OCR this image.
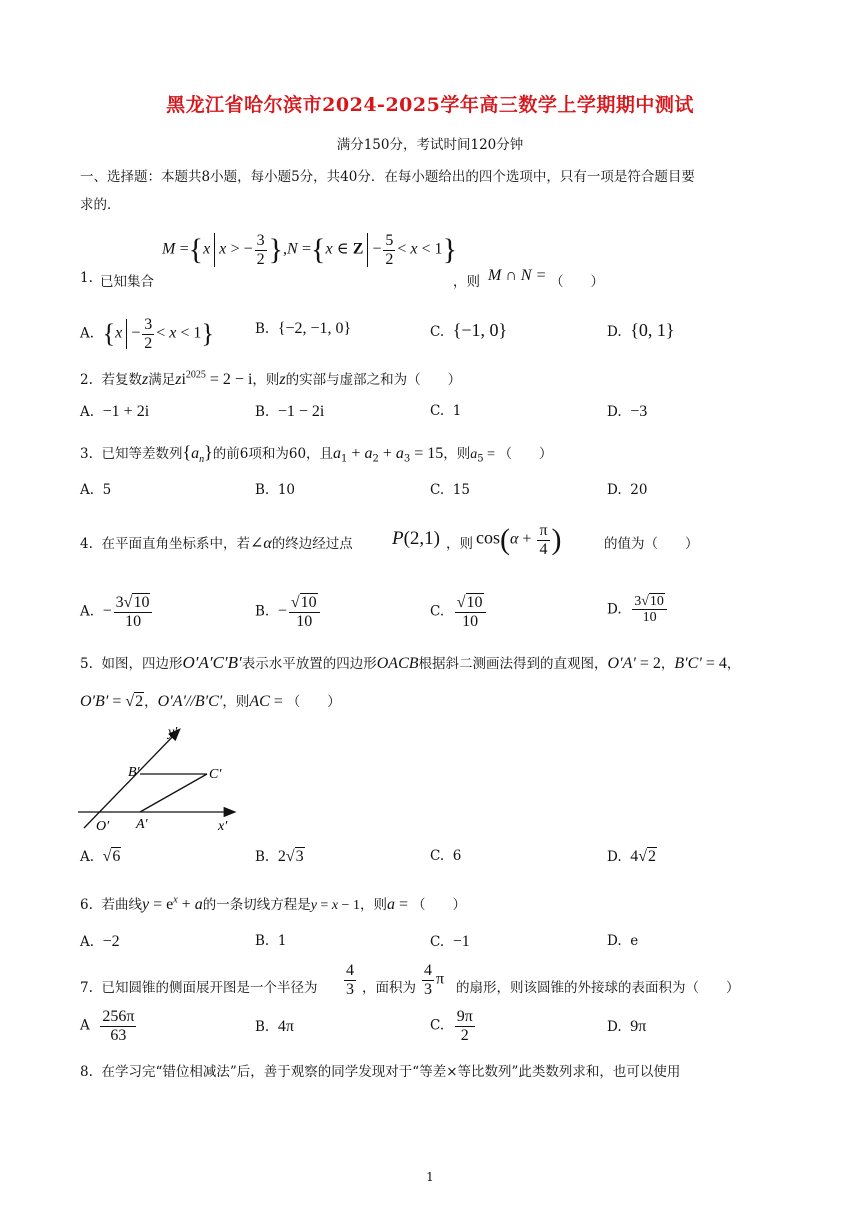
黑龙江省哈尔滨市2024-2025学年高三数学上学期期中测试
满分150分，考试时间120分钟
一、选择题：本题共8小题，每小题5分，共40分．在每小题给出的四个选项中，只有一项是符合题目要
求的．
1. 已知集合
M ={x x > − $\frac{3}{2} \},N =\{x$ ∈ $Z - \frac{5}{2} < x < 1$}
，则 M ∩ N = （　　）
A. $\{x - \frac{3}{2} < x < 1\}$	B. {−2, −1, 0}	C. {−1, 0}	D. {0, 1}
2. 若复数z满足$zi^{2025} = 2 - i$，则z的实部与虚部之和为（　　）
A. −1 + 2i	B. −1 − 2i	C. 1	D. −3
3. 已知等差数列$\{a_n\}$的前6项和为60，且$a_1 + a_2 + a_3 = 15$，则$a_5$ = （　　）
A. 5	B. 10	C. 15	D. 20
4. 在平面直角坐标系中，若∠α的终边经过点 P(2,1) ，则 $\cos(\alpha + \frac{\pi}{4}$ )	的值为（　　）
A. − $\frac{3√10}{10}$	B. − $\frac{√10}{10}$	C. $\frac{√10}{10}$	D. $\frac{3√10}{10}$
5. 如图，四边形O′A′C′B′表示水平放置的四边形OACB根据斜二测画法得到的直观图，O′A′ = 2，B′C′ = 4，
O′B′ = √2，O′A′//B′C′，则AC = （　　）
y′
B′	C′
O′ A′	x′
A. √6	B. 2√3	C. 6	D. 4√2
6. 若曲线$y = e^x + a$的一条切线方程是y = x − 1，则a = （　　）
A. −2	B. 1	C. −1	D. e
7. 已知圆锥的侧面展开图是一个半径为 $\frac{4}{3}$ ，面积为 $\frac{4}{3}$ π
的扇形，则该圆锥的外接球的表面积为（　　）
A $\frac{256\pi}{63}$	B. 4π	C. $\frac{9\pi}{2}$	D. 9π
8. 在学习完“错位相减法”后，善于观察的同学发现对于“等差×等比数列”此类数列求和，也可以使用
1
